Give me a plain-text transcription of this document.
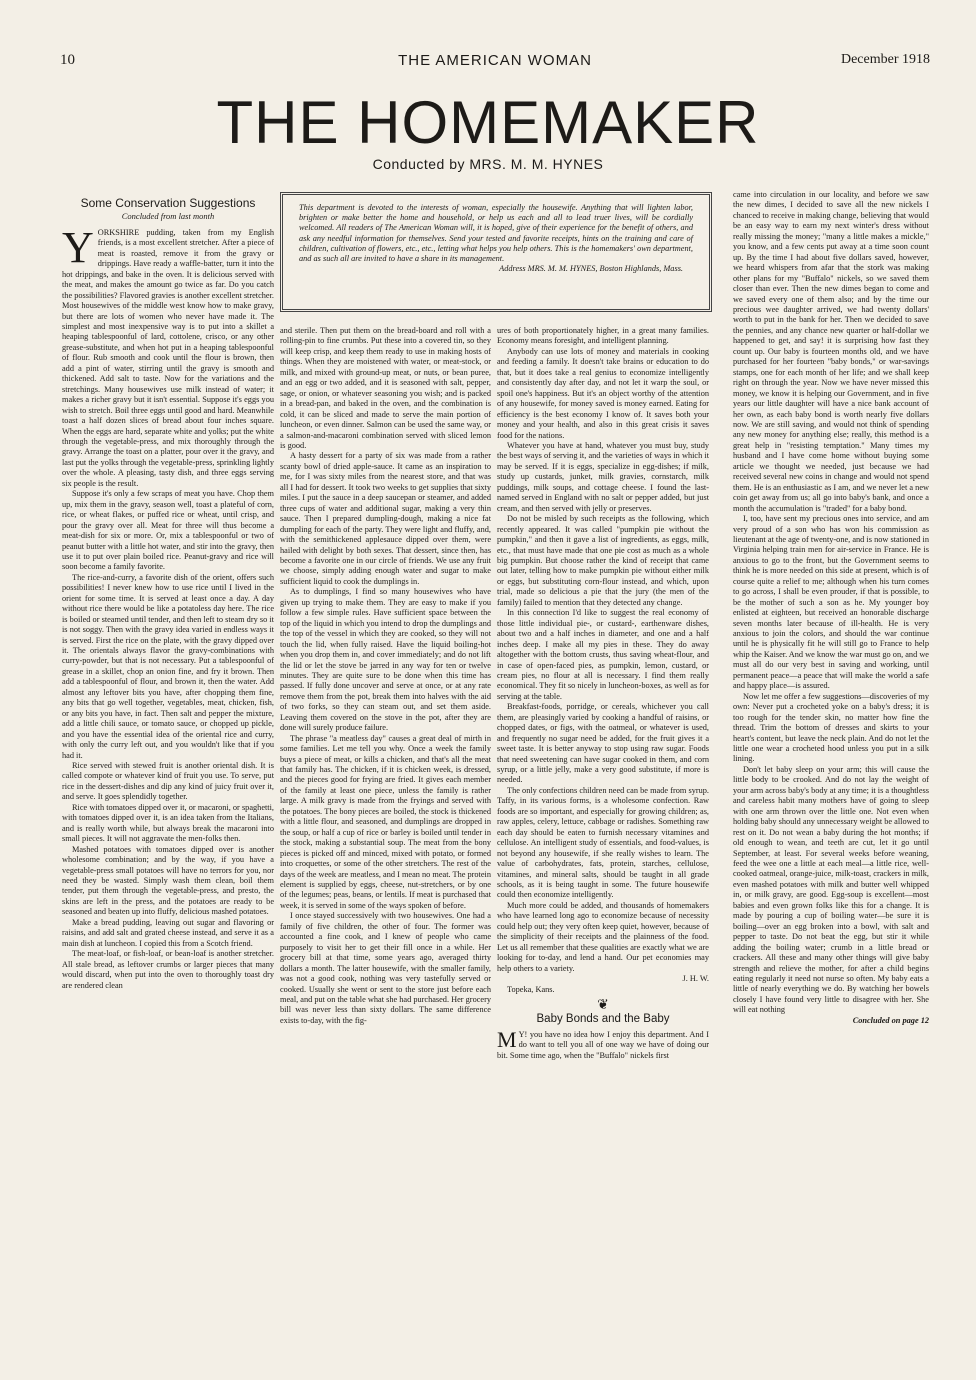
10	THE AMERICAN WOMAN	December 1918
THE HOMEMAKER
Conducted by MRS. M. M. HYNES
This department is devoted to the interests of woman, especially the housewife. Anything that will lighten labor, brighten or make better the home and household, or help us each and all to lead truer lives, will be cordially welcomed. All readers of The American Woman will, it is hoped, give of their experience for the benefit of others, and ask any needful information for themselves. Send your tested and favorite receipts, hints on the training and care of children, cultivation of flowers, etc., etc., letting what helps you help others. This is the homemakers' own department, and as such all are invited to have a share in its management.
Address MRS. M. M. HYNES, Boston Highlands, Mass.
Some Conservation Suggestions
Concluded from last month

YORKSHIRE pudding, taken from my English friends, is a most excellent stretcher. After a piece of meat is roasted, remove it from the gravy or drippings. Have ready a waffle-batter, turn it into the hot drippings, and bake in the oven. It is delicious served with the meat, and makes the amount go twice as far. Do you catch the possibilities? Flavored gravies is another excellent stretcher. Most housewives of the middle west know how to make gravy, but there are lots of women who never have made it. The simplest and most inexpensive way is to put into a skillet a heaping tablespoonful of lard, cottolene, crisco, or any other grease-substitute, and when hot put in a heaping tablespoonful of flour. Rub smooth and cook until the flour is brown, then add a pint of water, stirring until the gravy is smooth and thickened. Add salt to taste. Now for the variations and the stretchings. Many housewives use milk instead of water; it makes a richer gravy but it isn't essential. Suppose it's eggs you wish to stretch. Boil three eggs until good and hard. Meanwhile toast a half dozen slices of bread about four inches square. When the eggs are hard, separate white and yolks; put the white through the vegetable-press, and mix thoroughly through the gravy. Arrange the toast on a platter, pour over it the gravy, and last put the yolks through the vegetable-press, sprinkling lightly over the whole. A pleasing, tasty dish, and three eggs serving six people is the result.

Suppose it's only a few scraps of meat you have. Chop them up, mix them in the gravy, season well, toast a plateful of corn, rice, or wheat flakes, or puffed rice or wheat, until crisp, and pour the gravy over all. Meat for three will thus become a meat-dish for six or more. Or, mix a tablespoonful or two of peanut butter with a little hot water, and stir into the gravy, then use it to put over plain boiled rice. Peanut-gravy and rice will soon become a family favorite.

The rice-and-curry, a favorite dish of the orient, offers such possibilities! I never knew how to use rice until I lived in the orient for some time. It is served at least once a day. A day without rice there would be like a potatoless day here. The rice is boiled or steamed until tender, and then left to steam dry so it is not soggy. Then with the gravy idea varied in endless ways it is served. First the rice on the plate, with the gravy dipped over it. The orientals always flavor the gravy-combinations with curry-powder, but that is not necessary. Put a tablespoonful of grease in a skillet, chop an onion fine, and fry it brown. Then add a tablespoonful of flour, and brown it, then the water. Add almost any leftover bits you have, after chopping them fine, any bits that go well together, vegetables, meat, chicken, fish, or any bits you have, in fact. Then salt and pepper the mixture, add a little chili sauce, or tomato sauce, or chopped up pickle, and you have the essential idea of the oriental rice and curry, with only the curry left out, and you wouldn't like that if you had it.

Rice served with stewed fruit is another oriental dish. It is called compote or whatever kind of fruit you use. To serve, put rice in the dessert-dishes and dip any kind of juicy fruit over it, and serve. It goes splendidly together.

Rice with tomatoes dipped over it, or macaroni, or spaghetti, with tomatoes dipped over it, is an idea taken from the Italians, and is really worth while, but always break the macaroni into small pieces. It will not aggravate the men-folks then.

Mashed potatoes with tomatoes dipped over is another wholesome combination; and by the way, if you have a vegetable-press small potatoes will have no terrors for you, nor need they be wasted. Simply wash them clean, boil them tender, put them through the vegetable-press, and presto, the skins are left in the press, and the potatoes are ready to be seasoned and beaten up into fluffy, delicious mashed potatoes.

Make a bread pudding, leaving out sugar and flavoring or raisins, and add salt and grated cheese instead, and serve it as a main dish at luncheon. I copied this from a Scotch friend.

The meat-loaf, or fish-loaf, or bean-loaf is another stretcher. All stale bread, as leftover crumbs or larger pieces that many would discard, when put into the oven to thoroughly toast dry are rendered clean

and sterile. Then put them on the bread-board and roll with a rolling-pin to fine crumbs. Put these into a covered tin, so they will keep crisp, and keep them ready to use in making hosts of things. When they are moistened with water, or meat-stock, or milk, and mixed with ground-up meat, or nuts, or bean puree, and an egg or two added, and it is seasoned with salt, pepper, sage, or onion, or whatever seasoning you wish; and is packed in a bread-pan, and baked in the oven, and the combination is cold, it can be sliced and made to serve the main portion of luncheon, or even dinner. Salmon can be used the same way, or a salmon-and-macaroni combination served with sliced lemon is good.

A hasty dessert for a party of six was made from a rather scanty bowl of dried apple-sauce. It came as an inspiration to me, for I was sixty miles from the nearest store, and that was all I had for dessert. It took two weeks to get supplies that sixty miles. I put the sauce in a deep saucepan or steamer, and added three cups of water and additional sugar, making a very thin sauce. Then I prepared dumpling-dough, making a nice fat dumpling for each of the party. They were light and fluffy, and, with the semithickened applesauce dipped over them, were hailed with delight by both sexes. That dessert, since then, has become a favorite one in our circle of friends. We use any fruit we choose, simply adding enough water and sugar to make sufficient liquid to cook the dumplings in.

As to dumplings, I find so many housewives who have given up trying to make them. They are easy to make if you follow a few simple rules. Have sufficient space between the top of the liquid in which you intend to drop the dumplings and the top of the vessel in which they are cooked, so they will not touch the lid, when fully raised. Have the liquid boiling-hot when you drop them in, and cover immediately; and do not lift the lid or let the stove be jarred in any way for ten or twelve minutes. They are quite sure to be done when this time has passed. If fully done uncover and serve at once, or at any rate remove them from the pot, break them into halves with the aid of two forks, so they can steam out, and set them aside. Leaving them covered on the stove in the pot, after they are done will surely produce failure.

The phrase "a meatless day" causes a great deal of mirth in some families. Let me tell you why. Once a week the family buys a piece of meat, or kills a chicken, and that's all the meat that family has. The chicken, if it is chicken week, is dressed, and the pieces good for frying are fried. It gives each member of the family at least one piece, unless the family is rather large. A milk gravy is made from the fryings and served with the potatoes. The bony pieces are boiled, the stock is thickened with a little flour, and seasoned, and dumplings are dropped in the soup, or half a cup of rice or barley is boiled until tender in the stock, making a substantial soup. The meat from the bony pieces is picked off and minced, mixed with potato, or formed into croquettes, or some of the other stretchers. The rest of the days of the week are meatless, and I mean no meat. The protein element is supplied by eggs, cheese, nut-stretchers, or by one of the legumes; peas, beans, or lentils. If meat is purchased that week, it is served in some of the ways spoken of before.

I once stayed successively with two housewives. One had a family of five children, the other of four. The former was accounted a fine cook, and I knew of people who came purposely to visit her to get their fill once in a while. Her grocery bill at that time, some years ago, averaged thirty dollars a month. The latter housewife, with the smaller family, was not a good cook, nothing was very tastefully served or cooked. Usually she went or sent to the store just before each meal, and put on the table what she had purchased. Her grocery bill was never less than sixty dollars. The same difference exists to-day, with the fig-

ures of both proportionately higher, in a great many families. Economy means foresight, and intelligent planning.

Anybody can use lots of money and materials in cooking and feeding a family. It doesn't take brains or education to do that, but it does take a real genius to economize intelligently and consistently day after day, and not let it warp the soul, or spoil one's happiness. But it's an object worthy of the attention of any housewife, for money saved is money earned. Eating for efficiency is the best economy I know of. It saves both your money and your health, and also in this great crisis it saves food for the nations.

Whatever you have at hand, whatever you must buy, study the best ways of serving it, and the varieties of ways in which it may be served. If it is eggs, specialize in egg-dishes; if milk, study up custards, junket, milk gravies, cornstarch, milk puddings, milk soups, and cottage cheese. I found the last-named served in England with no salt or pepper added, but just cream, and then served with jelly or preserves.

Do not be misled by such receipts as the following, which recently appeared. It was called "pumpkin pie without the pumpkin," and then it gave a list of ingredients, as eggs, milk, etc., that must have made that one pie cost as much as a whole big pumpkin. But choose rather the kind of receipt that came out later, telling how to make pumpkin pie without either milk or eggs, but substituting corn-flour instead, and which, upon trial, made so delicious a pie that the jury (the men of the family) failed to mention that they detected any change.

In this connection I'd like to suggest the real economy of those little individual pie-, or custard-, earthenware dishes, about two and a half inches in diameter, and one and a half inches deep. I make all my pies in these. They do away altogether with the bottom crusts, thus saving wheat-flour, and in case of open-faced pies, as pumpkin, lemon, custard, or cream pies, no flour at all is necessary. I find them really economical. They fit so nicely in luncheon-boxes, as well as for serving at the table.

Breakfast-foods, porridge, or cereals, whichever you call them, are pleasingly varied by cooking a handful of raisins, or chopped dates, or figs, with the oatmeal, or whatever is used, and frequently no sugar need be added, for the fruit gives it a sweet taste. It is better anyway to stop using raw sugar. Foods that need sweetening can have sugar cooked in them, and corn syrup, or a little jelly, make a very good substitute, if more is needed.

The only confections children need can be made from syrup. Taffy, in its various forms, is a wholesome confection. Raw foods are so important, and especially for growing children; as, raw apples, celery, lettuce, cabbage or radishes. Something raw each day should be eaten to furnish necessary vitamines and cellulose. An intelligent study of essentials, and food-values, is not beyond any housewife, if she really wishes to learn. The value of carbohydrates, fats, protein, starches, cellulose, vitamines, and mineral salts, should be taught in all grade schools, as it is being taught in some. The future housewife could then economize intelligently.

Much more could be added, and thousands of homemakers who have learned long ago to economize because of necessity could help out; they very often keep quiet, however, because of the simplicity of their receipts and the plainness of the food. Let us all remember that these qualities are exactly what we are looking for to-day, and lend a hand. Our pet economies may help others to a variety.

J. H. W.

Topeka, Kans.

❦
Baby Bonds and the Baby

M Y! you have no idea how I enjoy this department. And I do want to tell you all of one way we have of doing our bit. Some time ago, when the "Buffalo" nickels first

came into circulation in our locality, and before we saw the new dimes, I decided to save all the new nickels I chanced to receive in making change, believing that would be an easy way to earn my next winter's dress without really missing the money; "many a little makes a mickle," you know, and a few cents put away at a time soon count up. By the time I had about five dollars saved, however, we heard whispers from afar that the stork was making other plans for my "Buffalo" nickels, so we saved them closer than ever. Then the new dimes began to come and we saved every one of them also; and by the time our precious wee daughter arrived, we had twenty dollars' worth to put in the bank for her. Then we decided to save the pennies, and any chance new quarter or half-dollar we happened to get, and say! it is surprising how fast they count up. Our baby is fourteen months old, and we have purchased for her fourteen "baby bonds," or war-savings stamps, one for each month of her life; and we shall keep right on through the year. Now we have never missed this money, we know it is helping our Government, and in five years our little daughter will have a nice bank account of her own, as each baby bond is worth nearly five dollars now. We are still saving, and would not think of spending any new money for anything else; really, this method is a great help in "resisting temptation." Many times my husband and I have come home without buying some article we thought we needed, just because we had received several new coins in change and would not spend them. He is an enthusiastic as I am, and we never let a new coin get away from us; all go into baby's bank, and once a month the accumulation is "traded" for a baby bond.

I, too, have sent my precious ones into service, and am very proud of a son who has won his commission as lieutenant at the age of twenty-one, and is now stationed in Virginia helping train men for air-service in France. He is anxious to go to the front, but the Government seems to think he is more needed on this side at present, which is of course quite a relief to me; although when his turn comes to go across, I shall be even prouder, if that is possible, to be the mother of such a son as he. My younger boy enlisted at eighteen, but received an honorable discharge seven months later because of ill-health. He is very anxious to join the colors, and should the war continue until he is physically fit he will still go to France to help whip the Kaiser. And we know the war must go on, and we must all do our very best in saving and working, until permanent peace—a peace that will make the world a safe and happy place—is assured.

Now let me offer a few suggestions—discoveries of my own: Never put a crocheted yoke on a baby's dress; it is too rough for the tender skin, no matter how fine the thread. Trim the bottom of dresses and skirts to your heart's content, but leave the neck plain. And do not let the little one wear a crocheted hood unless you put in a silk lining.

Don't let baby sleep on your arm; this will cause the little body to be crooked. And do not lay the weight of your arm across baby's body at any time; it is a thoughtless and careless habit many mothers have of going to sleep with one arm thrown over the little one. Not even when holding baby should any unnecessary weight be allowed to rest on it. Do not wean a baby during the hot months; if old enough to wean, and teeth are cut, let it go until September, at least. For several weeks before weaning, feed the wee one a little at each meal—a little rice, well-cooked oatmeal, orange-juice, milk-toast, crackers in milk, even mashed potatoes with milk and butter well whipped in, or milk gravy, are good. Egg-soup is excellent—most babies and even grown folks like this for a change. It is made by pouring a cup of boiling water—be sure it is boiling—over an egg broken into a bowl, with salt and pepper to taste. Do not beat the egg, but stir it while adding the boiling water; crumb in a little bread or crackers. All these and many other things will give baby strength and relieve the mother, for after a child begins eating regularly it need not nurse so often. My baby eats a little of nearly everything we do. By watching her bowels closely I have found very little to disagree with her. She will eat nothing

Concluded on page 12
